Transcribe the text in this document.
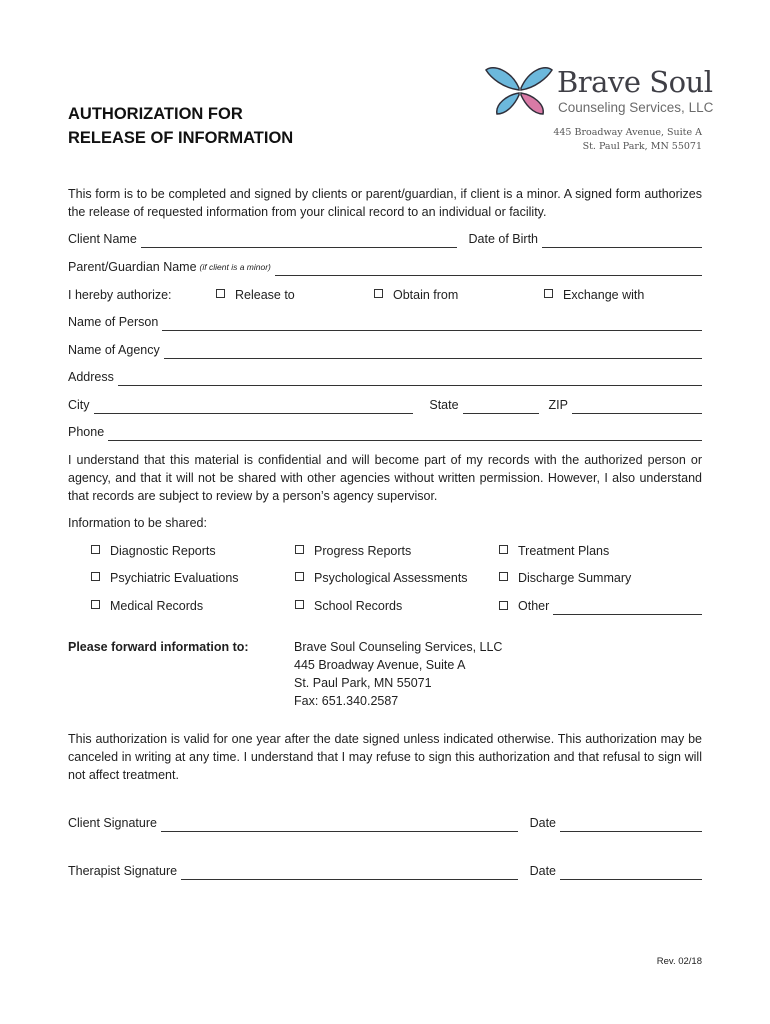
AUTHORIZATION FOR
RELEASE OF INFORMATION
Brave Soul
Counseling Services, LLC
445 Broadway Avenue, Suite A
St. Paul Park, MN 55071
This form is to be completed and signed by clients or parent/guardian, if client is a minor. A signed form authorizes the release of requested information from your clinical record to an individual or facility.
Client Name	Date of Birth
Parent/Guardian Name (if client is a minor)
I hereby authorize:	Release to	Obtain from	Exchange with
Name of Person
Name of Agency
Address
City	State	ZIP
Phone
I understand that this material is confidential and will become part of my records with the authorized person or agency, and that it will not be shared with other agencies without written permission. However, I also understand that records are subject to review by a person’s agency supervisor.
Information to be shared:
Diagnostic Reports	Progress Reports	Treatment Plans
Psychiatric Evaluations	Psychological Assessments	Discharge Summary
Medical Records	School Records	Other
Please forward information to:	Brave Soul Counseling Services, LLC
445 Broadway Avenue, Suite A
St. Paul Park, MN 55071
Fax: 651.340.2587
This authorization is valid for one year after the date signed unless indicated otherwise. This authorization may be canceled in writing at any time. I understand that I may refuse to sign this authorization and that refusal to sign will not affect treatment.
Client Signature	Date
Therapist Signature	Date
Rev. 02/18
